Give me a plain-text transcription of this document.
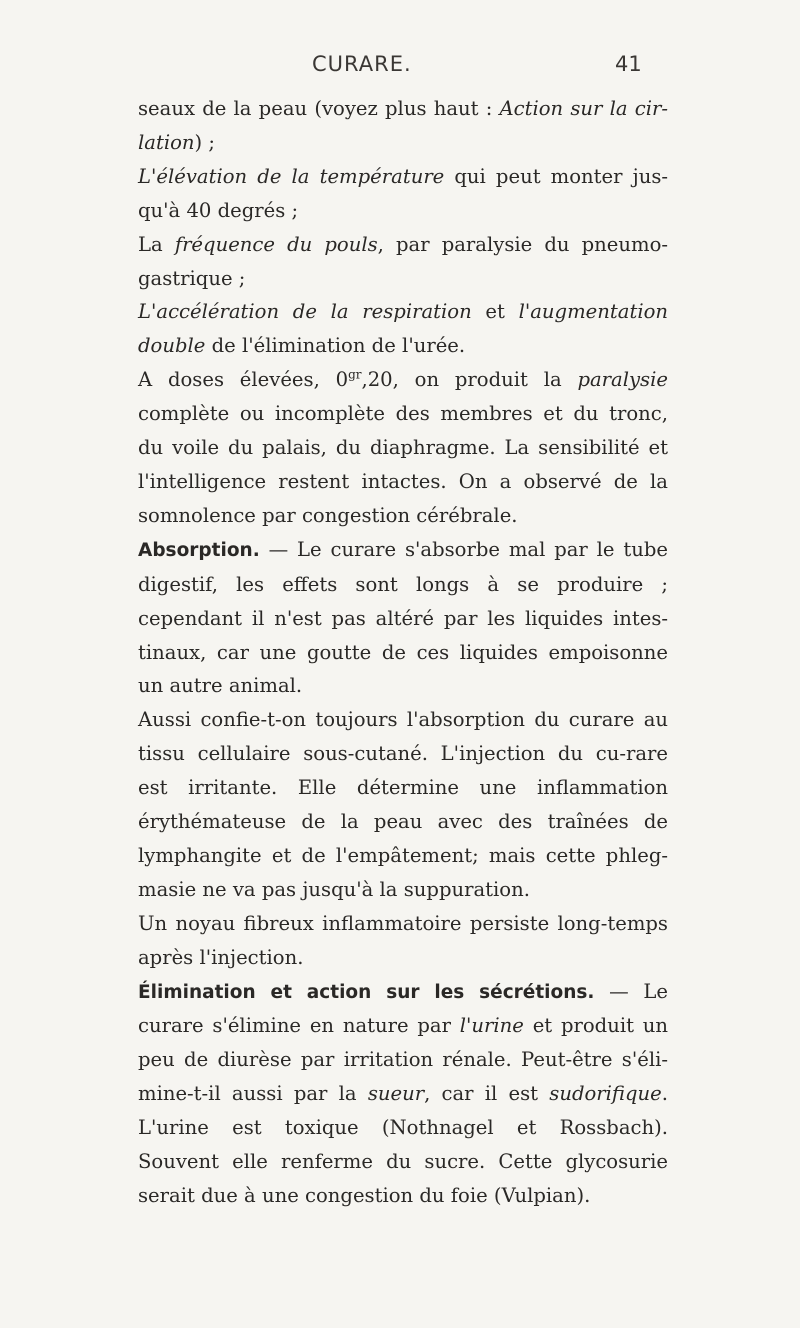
CURARE.	41

seaux de la peau (voyez plus haut : Action sur la cir-lation) ;

L'élévation de la température qui peut monter jus-qu'à 40 degrés ;

La fréquence du pouls, par paralysie du pneumo-gastrique ;

L'accélération de la respiration et l'augmentation double de l'élimination de l'urée.

A doses élevées, $0^{gr},20$, on produit la paralysie complète ou incomplète des membres et du tronc, du voile du palais, du diaphragme. La sensibilité et l'intelligence restent intactes. On a observé de la somnolence par congestion cérébrale.

Absorption. — Le curare s'absorbe mal par le tube digestif, les effets sont longs à se produire ; cependant il n'est pas altéré par les liquides intes-tinaux, car une goutte de ces liquides empoisonne un autre animal.

Aussi confie-t-on toujours l'absorption du curare au tissu cellulaire sous-cutané. L'injection du cu-rare est irritante. Elle détermine une inflammation érythémateuse de la peau avec des traînées de lymphangite et de l'empâtement; mais cette phleg-masie ne va pas jusqu'à la suppuration.

Un noyau fibreux inflammatoire persiste long-temps après l'injection.

Élimination et action sur les sécrétions. — Le curare s'élimine en nature par l'urine et produit un peu de diurèse par irritation rénale. Peut-être s'éli-mine-t-il aussi par la sueur, car il est sudorifique. L'urine est toxique (Nothnagel et Rossbach). Souvent elle renferme du sucre. Cette glycosurie serait due à une congestion du foie (Vulpian).
